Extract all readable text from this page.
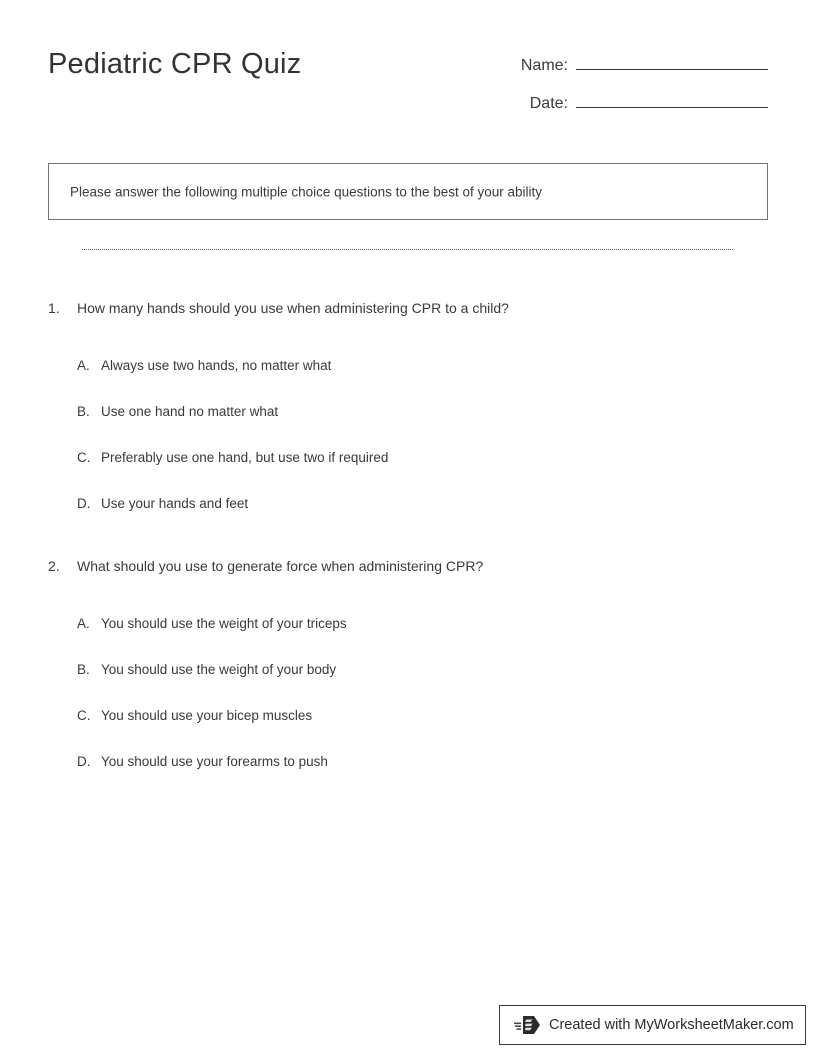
Pediatric CPR Quiz	Name:
Date:
Please answer the following multiple choice questions to the best of your ability
1. How many hands should you use when administering CPR to a child?
A. Always use two hands, no matter what
B. Use one hand no matter what
C. Preferably use one hand, but use two if required
D. Use your hands and feet
2. What should you use to generate force when administering CPR?
A. You should use the weight of your triceps
B. You should use the weight of your body
C. You should use your bicep muscles
D. You should use your forearms to push
Created with MyWorksheetMaker.com
